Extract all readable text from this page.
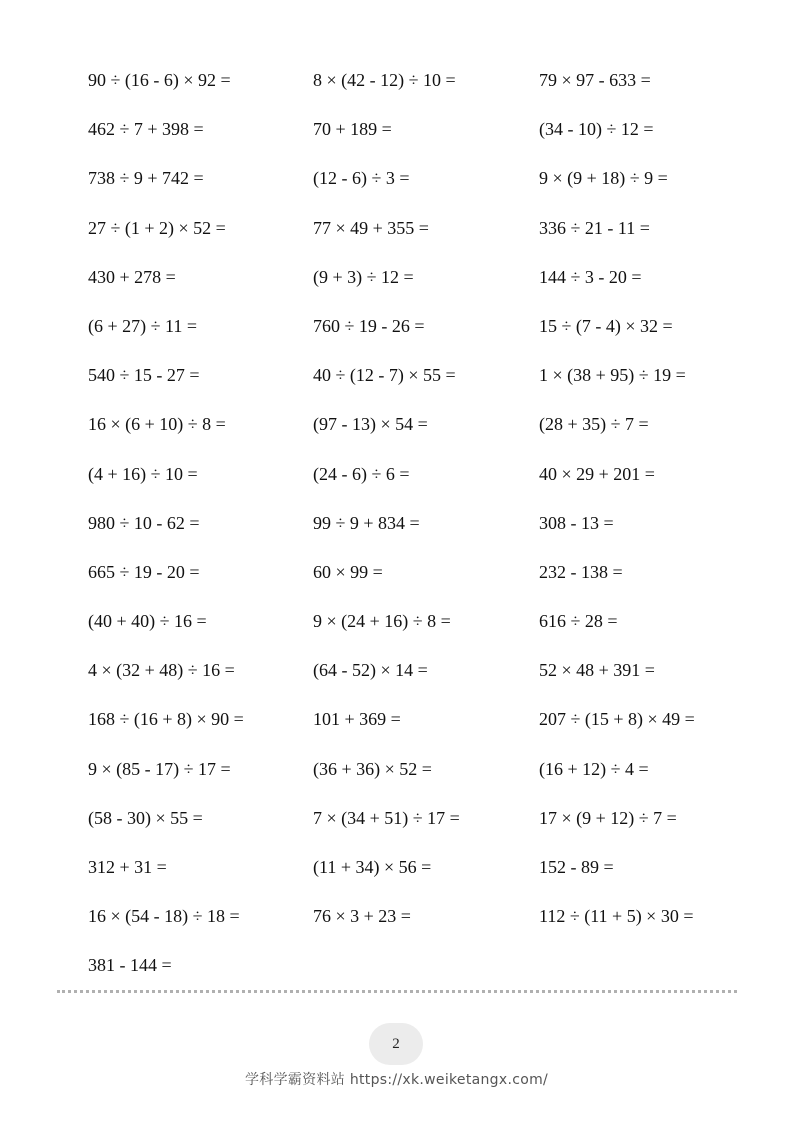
90 ÷ (16 - 6) × 92 =	8 × (42 - 12) ÷ 10 =	79 × 97 - 633 =
462 ÷ 7 + 398 =	70 + 189 =	(34 - 10) ÷ 12 =
738 ÷ 9 + 742 =	(12 - 6) ÷ 3 =	9 × (9 + 18) ÷ 9 =
27 ÷ (1 + 2) × 52 =	77 × 49 + 355 =	336 ÷ 21 - 11 =
430 + 278 =	(9 + 3) ÷ 12 =	144 ÷ 3 - 20 =
(6 + 27) ÷ 11 =	760 ÷ 19 - 26 =	15 ÷ (7 - 4) × 32 =
540 ÷ 15 - 27 =	40 ÷ (12 - 7) × 55 =	1 × (38 + 95) ÷ 19 =
16 × (6 + 10) ÷ 8 =	(97 - 13) × 54 =	(28 + 35) ÷ 7 =
(4 + 16) ÷ 10 =	(24 - 6) ÷ 6 =	40 × 29 + 201 =
980 ÷ 10 - 62 =	99 ÷ 9 + 834 =	308 - 13 =
665 ÷ 19 - 20 =	60 × 99 =	232 - 138 =
(40 + 40) ÷ 16 =	9 × (24 + 16) ÷ 8 =	616 ÷ 28 =
4 × (32 + 48) ÷ 16 =	(64 - 52) × 14 =	52 × 48 + 391 =
168 ÷ (16 + 8) × 90 =	101 + 369 =	207 ÷ (15 + 8) × 49 =
9 × (85 - 17) ÷ 17 =	(36 + 36) × 52 =	(16 + 12) ÷ 4 =
(58 - 30) × 55 =	7 × (34 + 51) ÷ 17 =	17 × (9 + 12) ÷ 7 =
312 + 31 =	(11 + 34) × 56 =	152 - 89 =
16 × (54 - 18) ÷ 18 =	76 × 3 + 23 =	112 ÷ (11 + 5) × 30 =
381 - 144 =
2
学科学霸资料站 https://xk.weiketangx.com/
